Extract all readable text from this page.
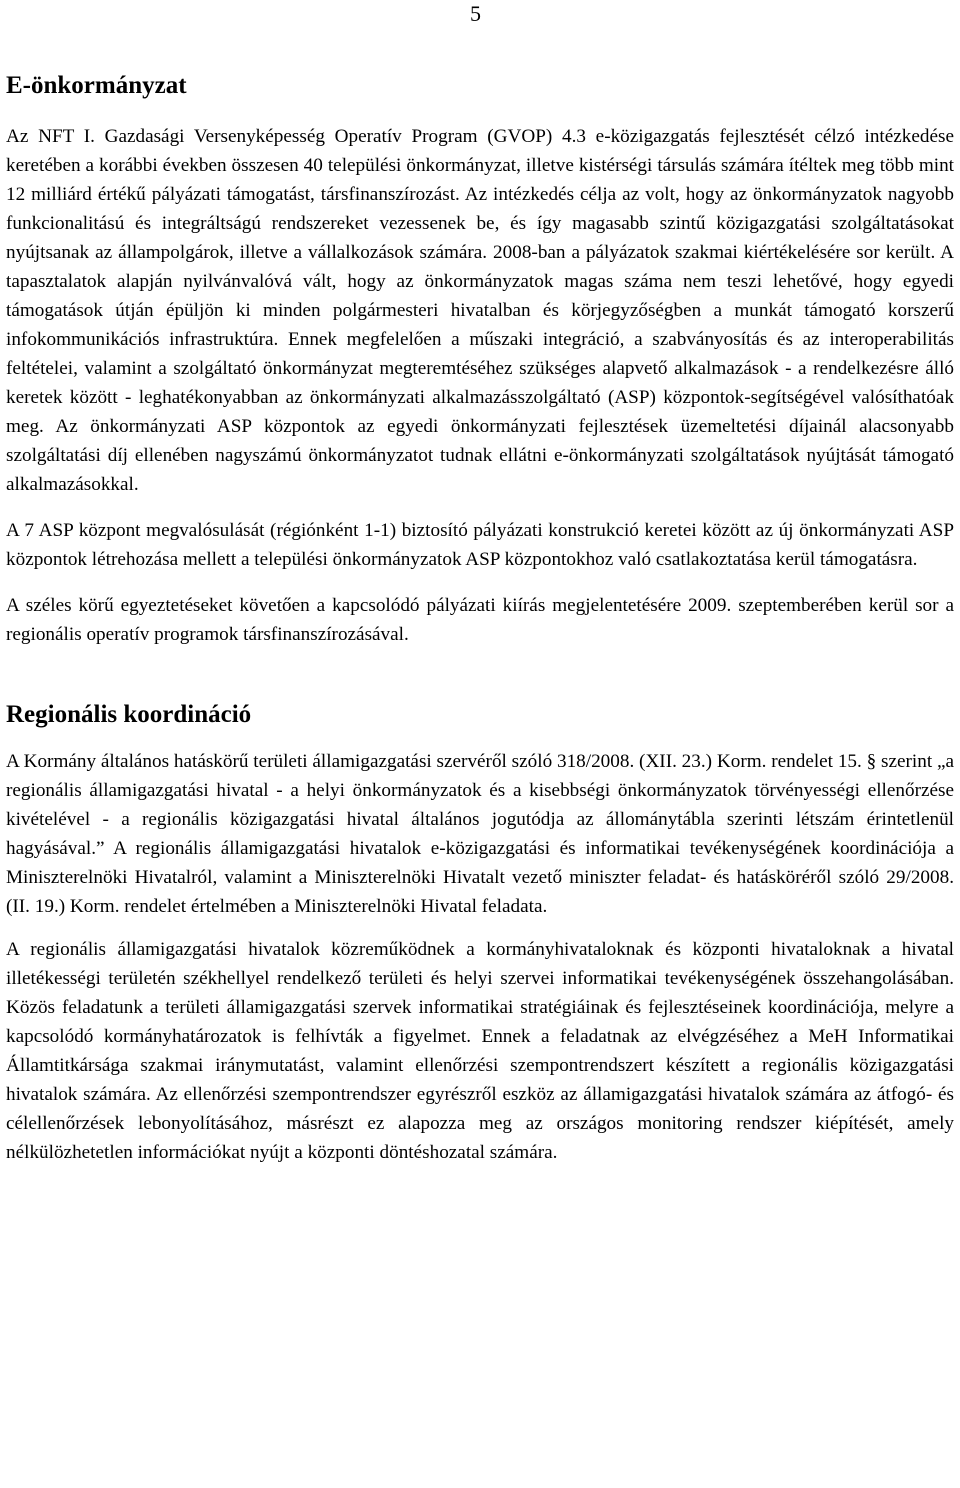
5
E-önkormányzat

Az NFT I. Gazdasági Versenyképesség Operatív Program (GVOP) 4.3 e-közigazgatás fejlesztését célzó intézkedése keretében a korábbi években összesen 40 települési önkormányzat, illetve kistérségi társulás számára ítéltek meg több mint 12 milliárd értékű pályázati támogatást, társfinanszírozást. Az intézkedés célja az volt, hogy az önkormányzatok nagyobb funkcionalitású és integráltságú rendszereket vezessenek be, és így magasabb szintű közigazgatási szolgáltatásokat nyújtsanak az állampolgárok, illetve a vállalkozások számára. 2008-ban a pályázatok szakmai kiértékelésére sor került. A tapasztalatok alapján nyilvánvalóvá vált, hogy az önkormányzatok magas száma nem teszi lehetővé, hogy egyedi támogatások útján épüljön ki minden polgármesteri hivatalban és körjegyzőségben a munkát támogató korszerű infokommunikációs infrastruktúra. Ennek megfelelően a műszaki integráció, a szabványosítás és az interoperabilitás feltételei, valamint a szolgáltató önkormányzat megteremtéséhez szükséges alapvető alkalmazások - a rendelkezésre álló keretek között - leghatékonyabban az önkormányzati alkalmazásszolgáltató (ASP) központok-segítségével valósíthatóak meg. Az önkormányzati ASP központok az egyedi önkormányzati fejlesztések üzemeltetési díjainál alacsonyabb szolgáltatási díj ellenében nagyszámú önkormányzatot tudnak ellátni e-önkormányzati szolgáltatások nyújtását támogató alkalmazásokkal.

A 7 ASP központ megvalósulását (régiónként 1-1) biztosító pályázati konstrukció keretei között az új önkormányzati ASP központok létrehozása mellett a települési önkormányzatok ASP központokhoz való csatlakoztatása kerül támogatásra.

A széles körű egyeztetéseket követően a kapcsolódó pályázati kiírás megjelentetésére 2009. szeptemberében kerül sor a regionális operatív programok társfinanszírozásával.

Regionális koordináció

A Kormány általános hatáskörű területi államigazgatási szervéről szóló 318/2008. (XII. 23.) Korm. rendelet 15. § szerint „a regionális államigazgatási hivatal - a helyi önkormányzatok és a kisebbségi önkormányzatok törvényességi ellenőrzése kivételével - a regionális közigazgatási hivatal általános jogutódja az állománytábla szerinti létszám érintetlenül hagyásával.” A regionális államigazgatási hivatalok e-közigazgatási és informatikai tevékenységének koordinációja a Miniszterelnöki Hivatalról, valamint a Miniszterelnöki Hivatalt vezető miniszter feladat- és hatásköréről szóló 29/2008. (II. 19.) Korm. rendelet értelmében a Miniszterelnöki Hivatal feladata.

A regionális államigazgatási hivatalok közreműködnek a kormányhivataloknak és központi hivataloknak a hivatal illetékességi területén székhellyel rendelkező területi és helyi szervei informatikai tevékenységének összehangolásában. Közös feladatunk a területi államigazgatási szervek informatikai stratégiáinak és fejlesztéseinek koordinációja, melyre a kapcsolódó kormányhatározatok is felhívták a figyelmet. Ennek a feladatnak az elvégzéséhez a MeH Informatikai Államtitkársága szakmai iránymutatást, valamint ellenőrzési szempontrendszert készített a regionális közigazgatási hivatalok számára. Az ellenőrzési szempontrendszer egyrészről eszköz az államigazgatási hivatalok számára az átfogó- és célellenőrzések lebonyolításához, másrészt ez alapozza meg az országos monitoring rendszer kiépítését, amely nélkülözhetetlen információkat nyújt a központi döntéshozatal számára.
